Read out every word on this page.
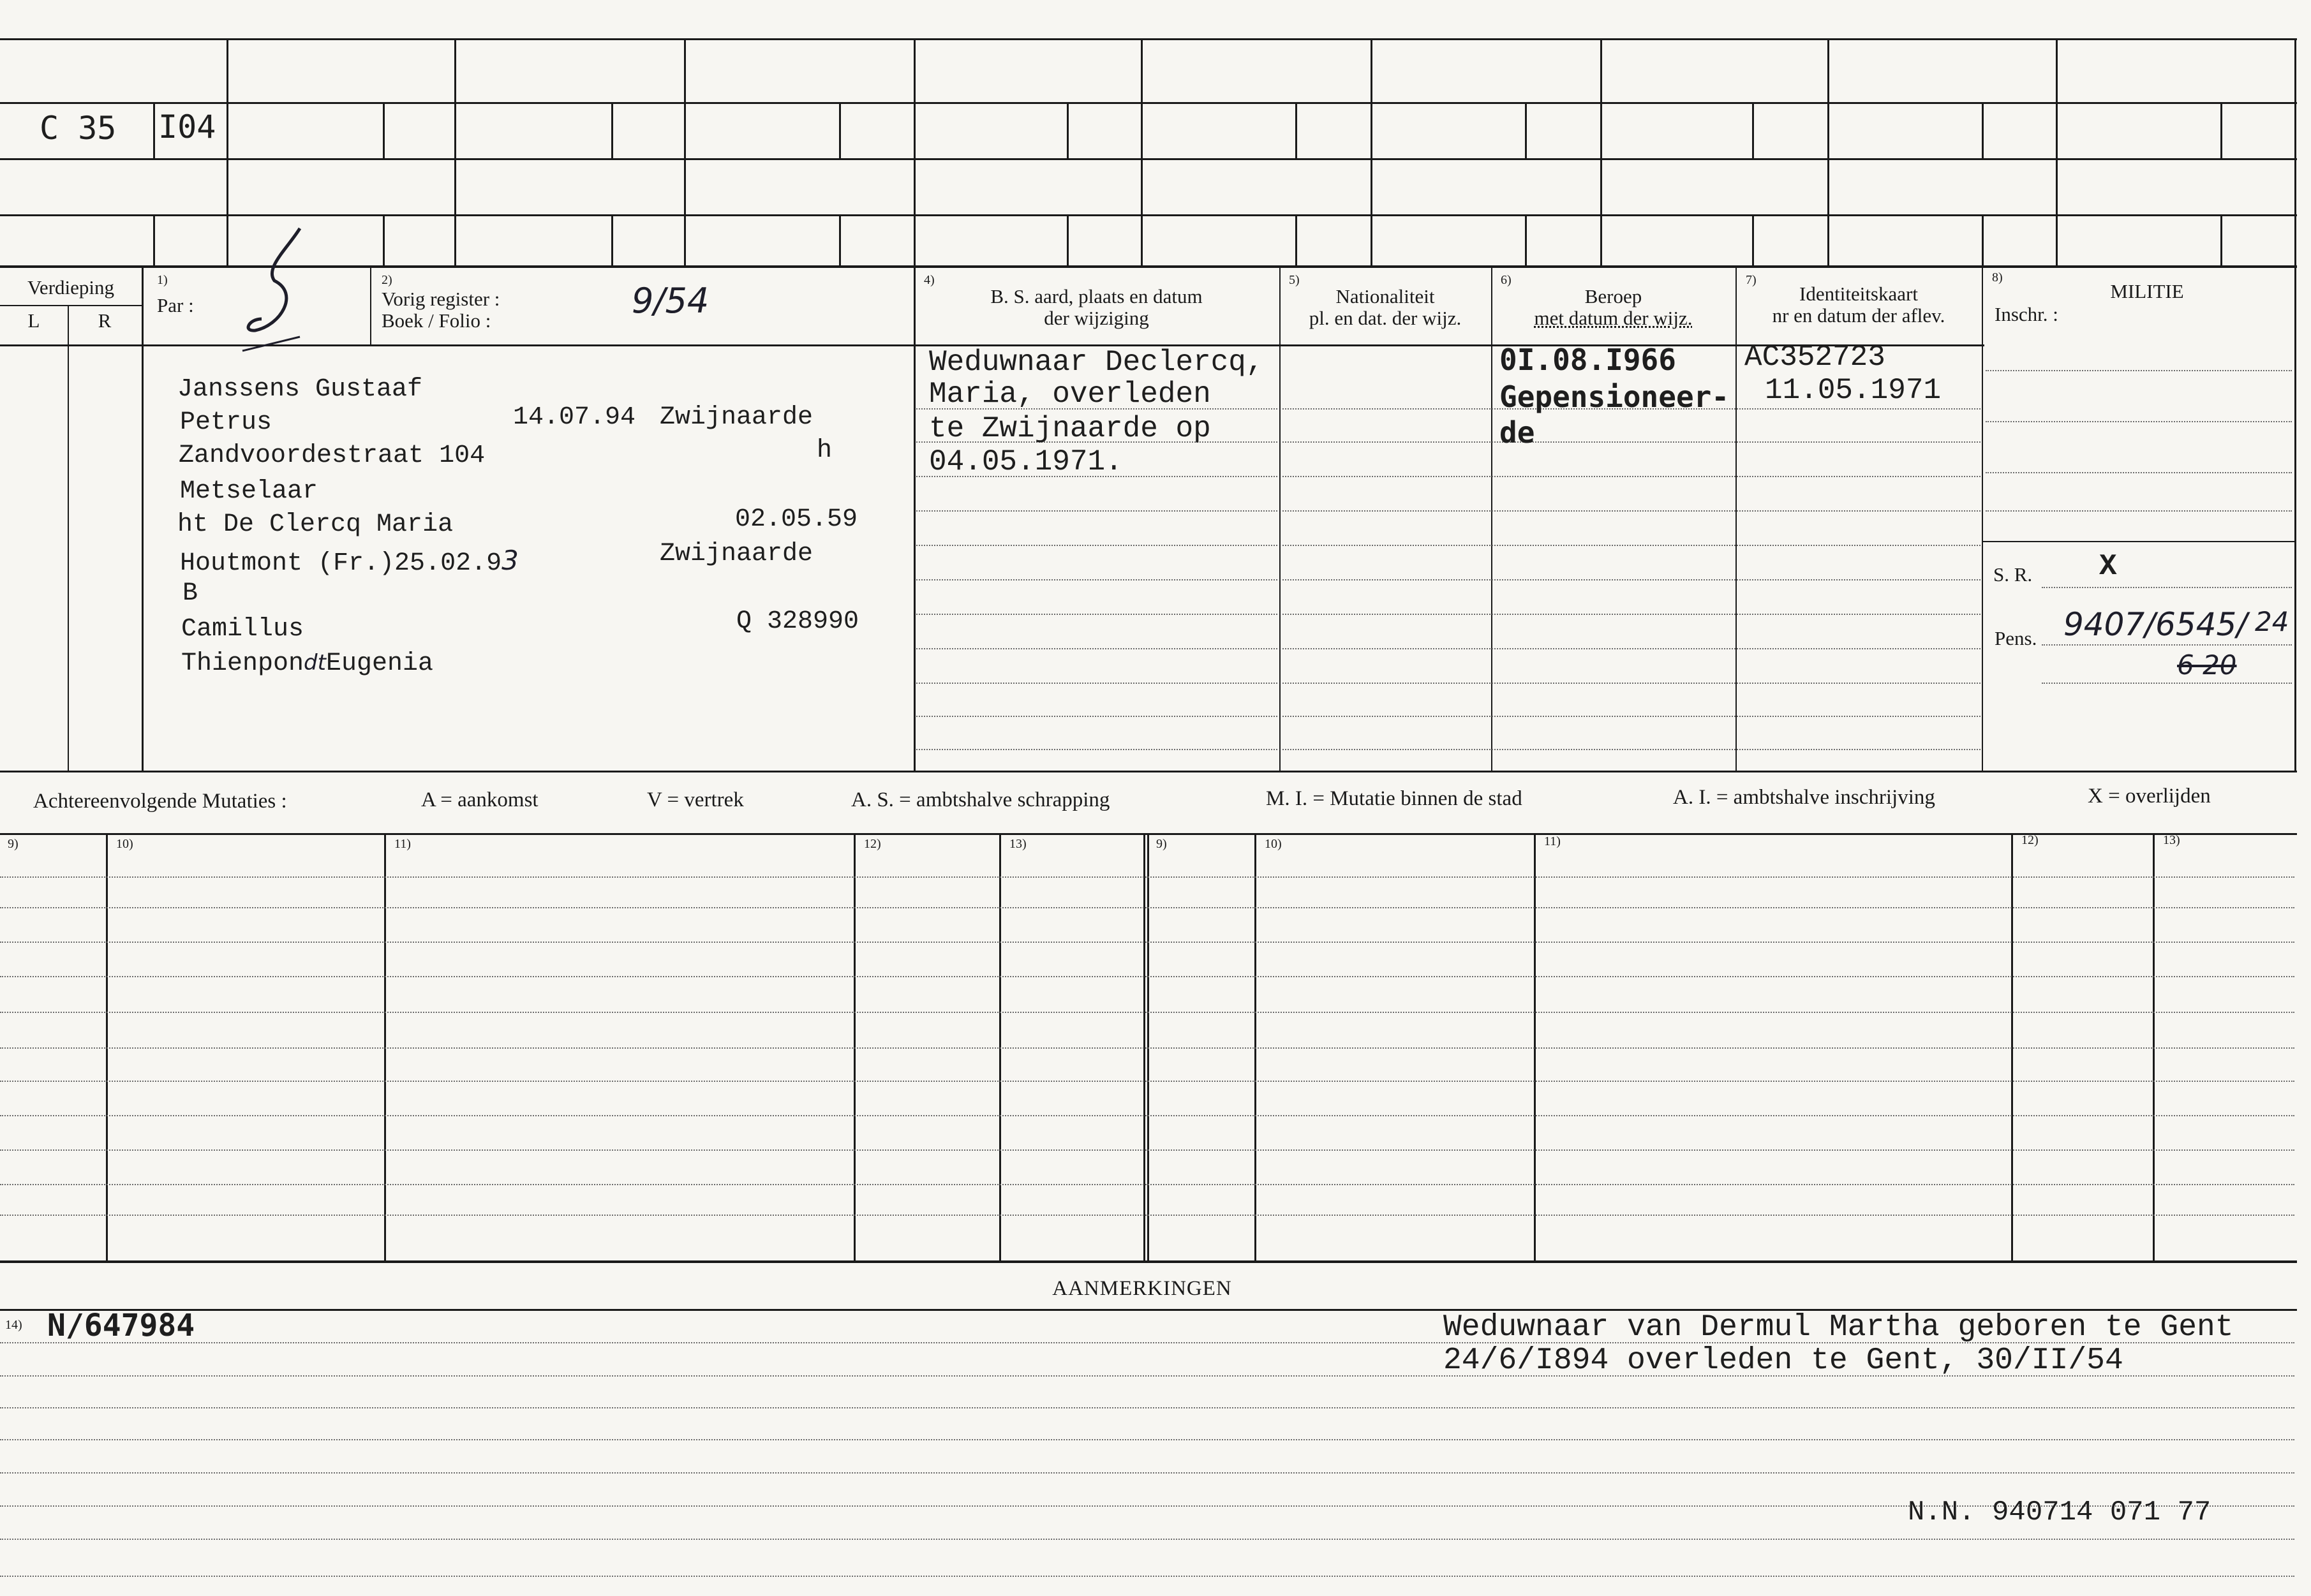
C 35 I04
Verdieping
L	R
1)
Par :
2)
Vorig register :
Boek / Folio :	9/54
4)
B. S. aard, plaats en datum
der wijziging
5)
Nationaliteit
pl. en dat. der wijz.
6)
Beroep
met datum der wijz.
7)
Identiteitskaart
nr en datum der aflev.
8)
MILITIE
Inschr. :
Janssens Gustaaf
Petrus	14.07.94 Zwijnaarde
Zandvoordestraat 104	h
Metselaar
ht De Clercq Maria	02.05.59
Houtmont (Fr.)25.02.93	Zwijnaarde
B
Camillus	Q 328990
ThienpondtEugenia
Weduwnaar Declercq,
Maria, overleden
te Zwijnaarde op
04.05.1971.
0I.08.I966
Gepensioneer-
de
AC352723
11.05.1971
S. R. X
Pens. 9407/6545/ 24
6 20
Achtereenvolgende Mutaties :	A = aankomst	V = vertrek	A. S. = ambtshalve schrapping	M. I. = Mutatie binnen de stad	A. I. = ambtshalve inschrijving	X = overlijden
9)	10)	11)	12)	13)	9)	10)	11)	12)	13)
AANMERKINGEN
14) N/647984	Weduwnaar van Dermul Martha geboren te Gent
24/6/I894 overleden te Gent, 30/II/54
N.N. 940714 071 77
